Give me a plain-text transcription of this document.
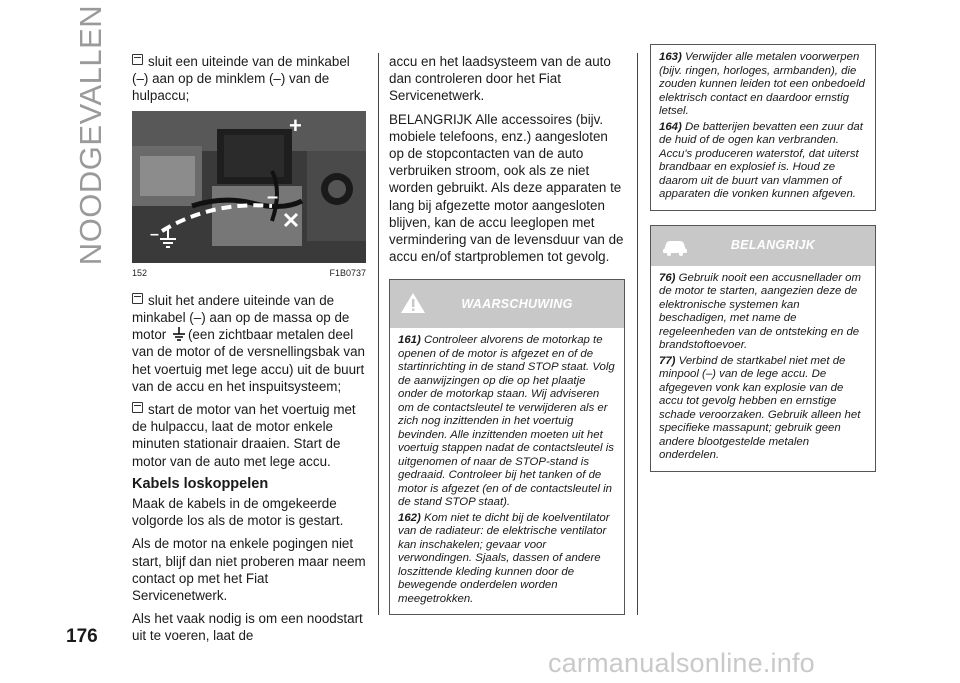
NOODGEVALLEN	sluit een uiteinde van de minkabel (–) aan op de minklem (–) van de hulpaccu;

+
–
–
152	F1B0737

sluit het andere uiteinde van de minkabel (–) aan op de massa op de motor (een zichtbaar metalen deel van de motor of de versnellingsbak van het voertuig met lege accu) uit de buurt van de accu en het inspuitsysteem;

start de motor van het voertuig met de hulpaccu, laat de motor enkele minuten stationair draaien. Start de motor van de auto met lege accu.

Kabels loskoppelen

Maak de kabels in de omgekeerde volgorde los als de motor is gestart.

Als de motor na enkele pogingen niet start, blijf dan niet proberen maar neem contact op met het Fiat Servicenetwerk.

Als het vaak nodig is om een noodstart uit te voeren, laat de

accu en het laadsysteem van de auto dan controleren door het Fiat Servicenetwerk.

BELANGRIJK Alle accessoires (bijv. mobiele telefoons, enz.) aangesloten op de stopcontacten van de auto verbruiken stroom, ook als ze niet worden gebruikt. Als deze apparaten te lang bij afgezette motor aangesloten blijven, kan de accu leeglopen met vermindering van de levensduur van de accu en/of startproblemen tot gevolg.

WAARSCHUWING

161) Controleer alvorens de motorkap te openen of de motor is afgezet en of de startinrichting in de stand STOP staat. Volg de aanwijzingen op die op het plaatje onder de motorkap staan. Wij adviseren om de contactsleutel te verwijderen als er zich nog inzittenden in het voertuig bevinden. Alle inzittenden moeten uit het voertuig stappen nadat de contactsleutel is uitgenomen of naar de STOP-stand is gedraaid. Controleer bij het tanken of de motor is afgezet (en of de contactsleutel in de stand STOP staat).

162) Kom niet te dicht bij de koelventilator van de radiateur: de elektrische ventilator kan inschakelen; gevaar voor verwondingen. Sjaals, dassen of andere loszittende kleding kunnen door de bewegende onderdelen worden meegetrokken.

163) Verwijder alle metalen voorwerpen (bijv. ringen, horloges, armbanden), die zouden kunnen leiden tot een onbedoeld elektrisch contact en daardoor ernstig letsel.

164) De batterijen bevatten een zuur dat de huid of de ogen kan verbranden. Accu's produceren waterstof, dat uiterst brandbaar en explosief is. Houd ze daarom uit de buurt van vlammen of apparaten die vonken kunnen afgeven.

BELANGRIJK

76) Gebruik nooit een accusnellader om de motor te starten, aangezien deze de elektronische systemen kan beschadigen, met name de regeleenheden van de ontsteking en de brandstoftoevoer.

77) Verbind de startkabel niet met de minpool (–) van de lege accu. De afgegeven vonk kan explosie van de accu tot gevolg hebben en ernstige schade veroorzaken. Gebruik alleen het specifieke massapunt; gebruik geen andere blootgestelde metalen onderdelen.

176
carmanualsonline.info
